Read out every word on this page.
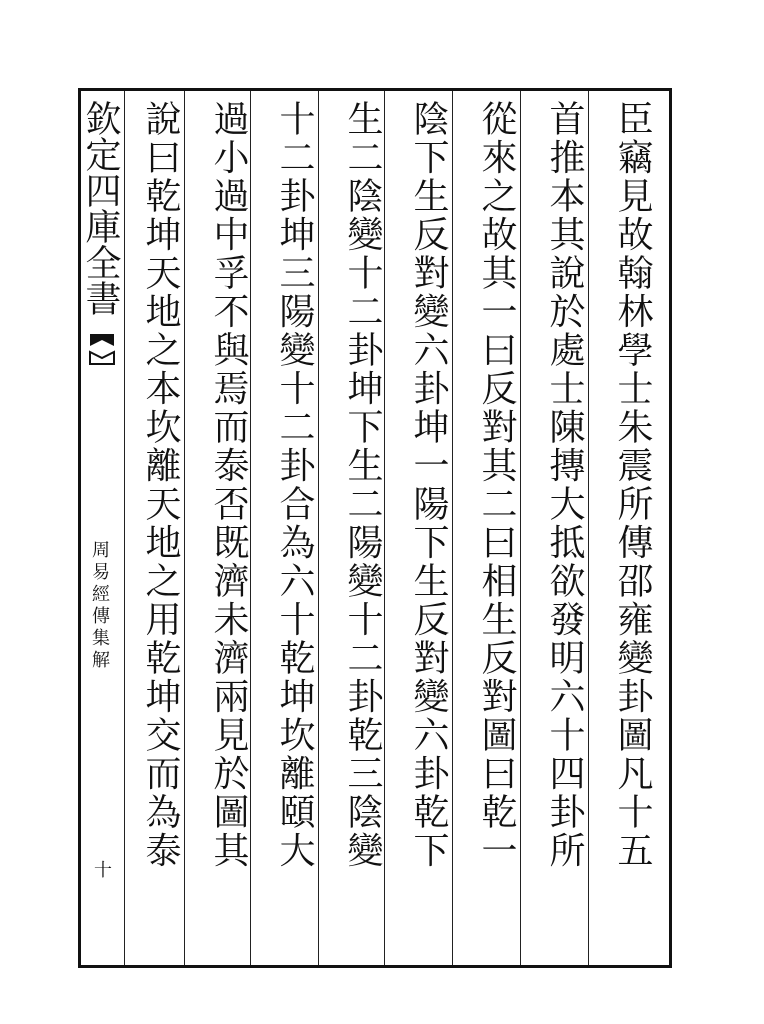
欽定四庫全書
周易經傳集解
十	臣竊見故翰林學士朱震所傳邵雍變卦圖凡十五
首推本其說於處士陳摶大抵欲發明六十四卦所
從來之故其一曰反對其二曰相生反對圖曰乾一
陰下生反對變六卦坤一陽下生反對變六卦乾下
生二陰變十二卦坤下生二陽變十二卦乾三陰變
十二卦坤三陽變十二卦合為六十乾坤坎離頤大
過小過中孚不與焉而泰否既濟未濟兩見於圖其
說曰乾坤天地之本坎離天地之用乾坤交而為泰
